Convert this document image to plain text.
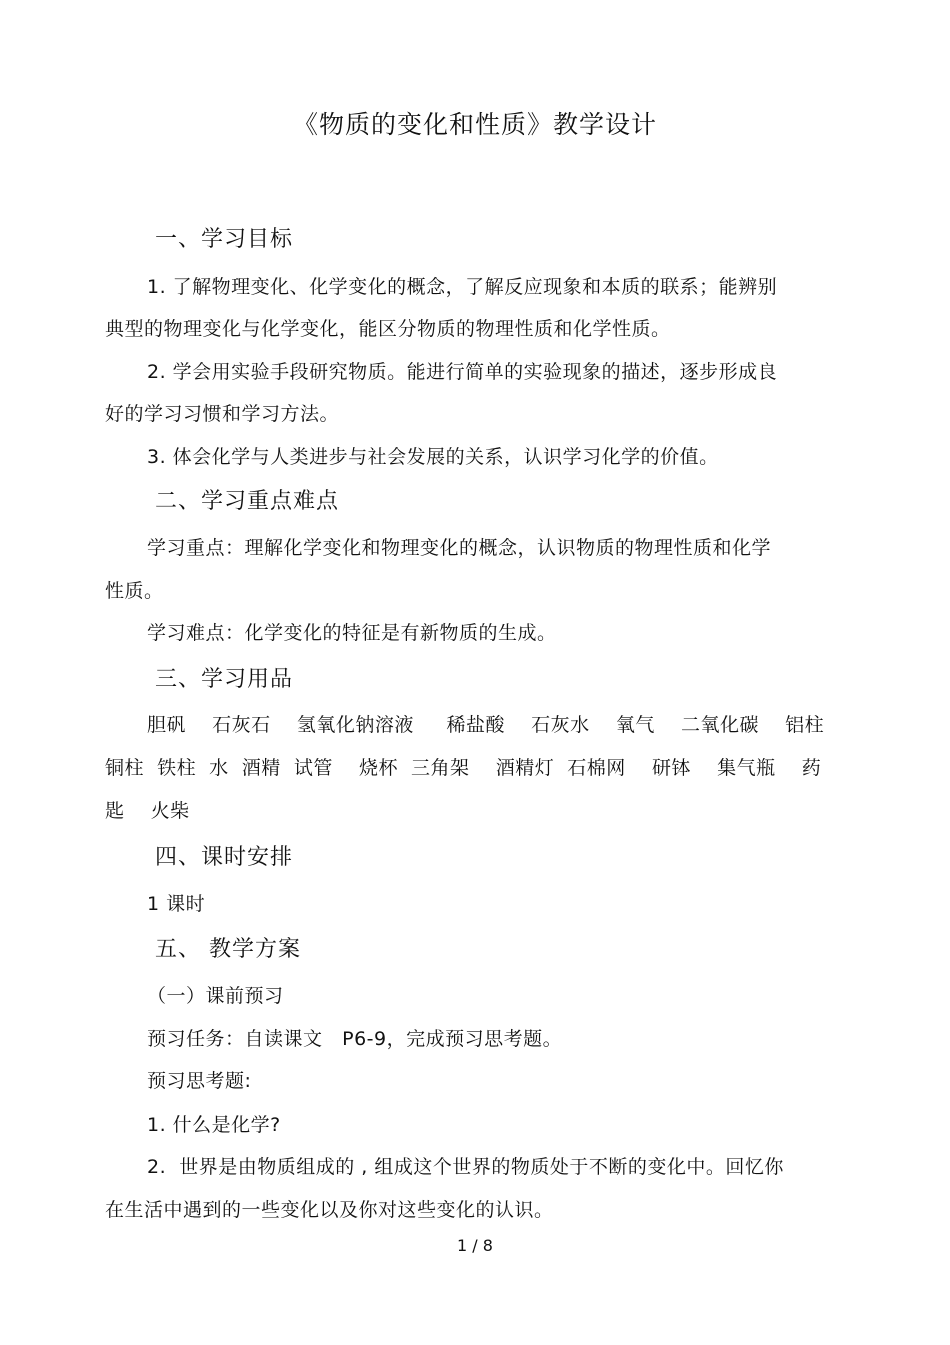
《物质的变化和性质》教学设计
一、学习目标
1. 了解物理变化、化学变化的概念，了解反应现象和本质的联系；能辨别
典型的物理变化与化学变化，能区分物质的物理性质和化学性质。
2. 学会用实验手段研究物质。能进行简单的实验现象的描述，逐步形成良
好的学习习惯和学习方法。
3. 体会化学与人类进步与社会发展的关系，认识学习化学的价值。
二、学习重点难点
学习重点：理解化学变化和物理变化的概念，认识物质的物理性质和化学
性质。
学习难点：化学变化的特征是有新物质的生成。
三、学习用品
胆矾    石灰石    氢氧化钠溶液     稀盐酸    石灰水    氧气    二氧化碳    铝柱
铜柱  铁柱  水  酒精  试管    烧杯  三角架    酒精灯  石棉网    研钵    集气瓶    药
匙    火柴
四、课时安排
1 课时
五、 教学方案
（一）课前预习
预习任务：自读课文   P6-9，完成预习思考题。
预习思考题:
1. 什么是化学?
2.  世界是由物质组成的 , 组成这个世界的物质处于不断的变化中。回忆你
在生活中遇到的一些变化以及你对这些变化的认识。
1 / 8
